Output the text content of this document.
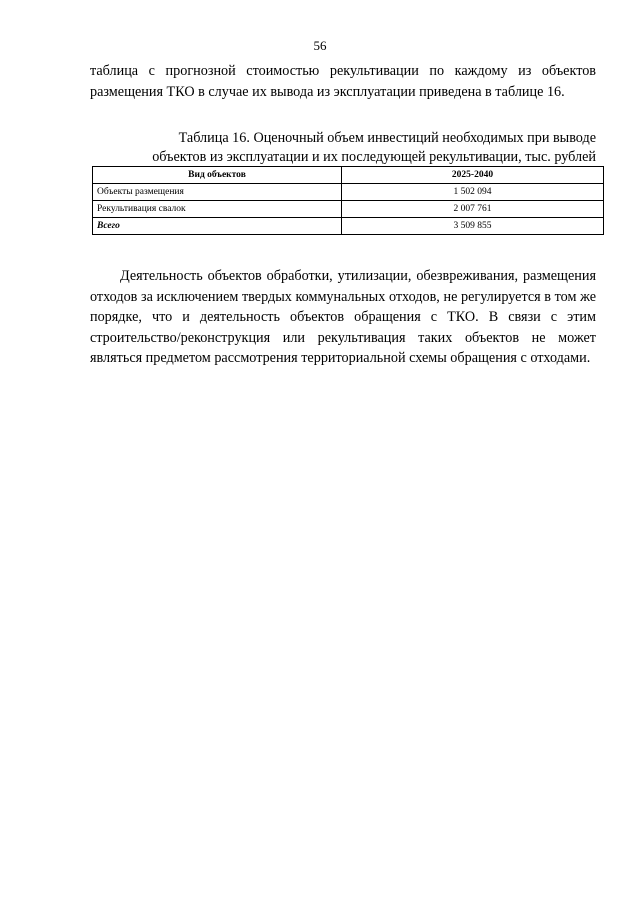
56

таблица с прогнозной стоимостью рекультивации по каждому из объектов размещения ТКО в случае их вывода из эксплуатации приведена в таблице 16.

Таблица 16. Оценочный объем инвестиций необходимых при выводе
объектов из эксплуатации и их последующей рекультивации, тыс. рублей
Вид объектов	2025-2040
Объекты размещения	1 502 094
Рекультивация свалок	2 007 761
Всего	3 509 855

Деятельность объектов обработки, утилизации, обезвреживания, размещения отходов за исключением твердых коммунальных отходов, не регулируется в том же порядке, что и деятельность объектов обращения с ТКО. В связи с этим строительство/реконструкция или рекультивация таких объектов не может являться предметом рассмотрения территориальной схемы обращения с отходами.
